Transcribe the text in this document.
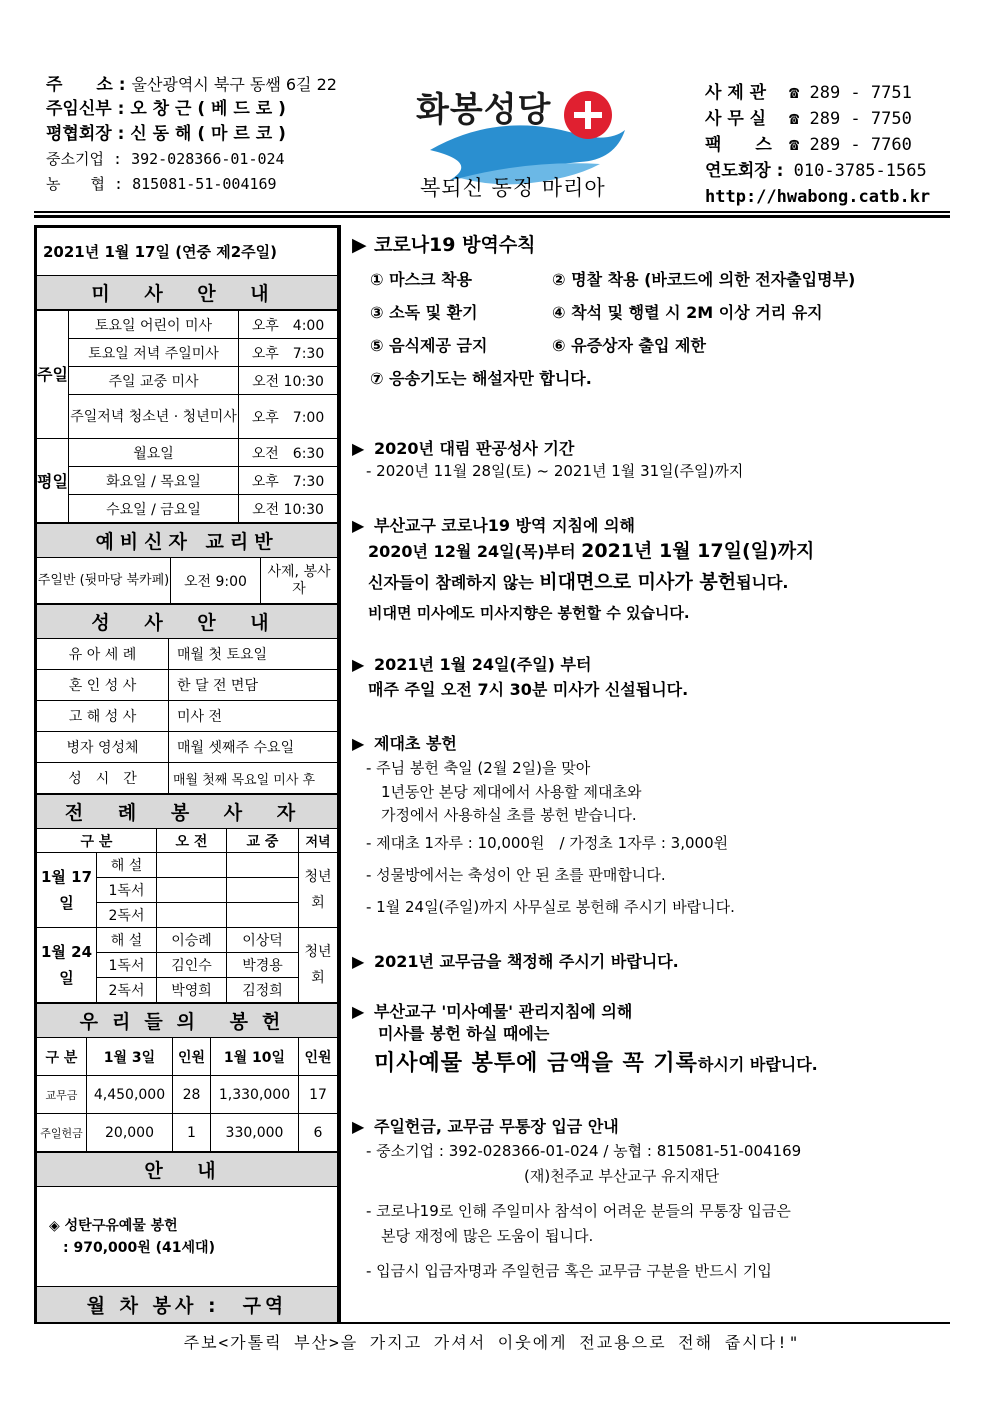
주　　소 : 울산광역시 북구 동쌤 6길 22
주임신부 : 오 창 근 ( 베 드 로 )
평협회장 : 신 동 해 ( 마 르 코 )
중소기업 : 392-028366-01-024
농　　협 : 815081-51-004169
화봉성당
복되신 동정 마리아
사 제 관 ☎ 289 - 7751
사 무 실 ☎ 289 - 7750
팩　　스 ☎ 289 - 7760
연도회장 : 010-3785-1565
http://hwabong.catb.kr
2021년 1월 17일 (연중 제2주일)
미 사 안 내
주일	토요일 어린이 미사	오후　4:00
	토요일 저녁 주일미사	오후　7:30
	주일 교중 미사	오전 10:30
	주일저녁 청소년 · 청년미사	오후　7:00
평일	월요일	오전　6:30
	화요일 / 목요일	오후　7:30
	수요일 / 금요일	오전 10:30
예비신자 교리반
주일반 (뒷마당 북카페)	오전 9:00	사제, 봉사자
성 사 안 내	
유 아 세 례	매월 첫 토요일
혼 인 성 사	한 달 전 면담
고 해 성 사	미사 전
병자 영성체	매월 셋째주 수요일
성　시　간	매월 첫째 목요일 미사 후
전 례 봉 사 자				
구 분		오 전	교 중	저녁
1월 17일	해 설			청년회
	1독서			
	2독서			
1월 24일	해 설	이승례	이상덕	청년회
	1독서	김인수	박경용	
	2독서	박영희	김정희	
우리들의 봉헌				
구 분	1월 3일	인원	1월 10일	인원
교무금	4,450,000	28	1,330,000	17
주일헌금	20,000	1	330,000	6
안 내

◈ 성탄구유예물 봉헌
　: 970,000원 (41세대)

월 차 봉사 :　 구역
▶ 코로나19 방역수칙
① 마스크 착용	② 명찰 착용 (바코드에 의한 전자출입명부)
③ 소독 및 환기	④ 착석 및 행렬 시 2M 이상 거리 유지
⑤ 음식제공 금지	⑥ 유증상자 출입 제한
⑦ 응송기도는 해설자만 합니다.
▶ 2020년 대림 판공성사 기간
- 2020년 11월 28일(토) ~ 2021년 1월 31일(주일)까지
▶ 부산교구 코로나19 방역 지침에 의해
2020년 12월 24일(목)부터 2021년 1월 17일(일)까지
신자들이 참례하지 않는 비대면으로 미사가 봉헌됩니다.
비대면 미사에도 미사지향은 봉헌할 수 있습니다.
▶ 2021년 1월 24일(주일) 부터
매주 주일 오전 7시 30분 미사가 신설됩니다.
▶ 제대초 봉헌
- 주님 봉헌 축일 (2월 2일)을 맞아
　1년동안 본당 제대에서 사용할 제대초와
　가정에서 사용하실 초를 봉헌 받습니다.
- 제대초 1자루 : 10,000원　/ 가정초 1자루 : 3,000원
- 성물방에서는 축성이 안 된 초를 판매합니다.
- 1월 24일(주일)까지 사무실로 봉헌해 주시기 바랍니다.
▶ 2021년 교무금을 책정해 주시기 바랍니다.
▶ 부산교구 '미사예물' 관리지침에 의해
미사를 봉헌 하실 때에는
미사예물 봉투에 금액을 꼭 기록하시기 바랍니다.
▶ 주일헌금, 교무금 무통장 입금 안내
- 중소기업 : 392-028366-01-024 / 농협 : 815081-51-004169
(재)천주교 부산교구 유지재단
- 코로나19로 인해 주일미사 참석이 어려운 분들의 무통장 입금은
　본당 재정에 많은 도움이 됩니다.
- 입금시 입금자명과 주일헌금 혹은 교무금 구분을 반드시 기입
주보<가톨릭 부산>을 가지고 가셔서 이웃에게 전교용으로 전해 줍시다!"
